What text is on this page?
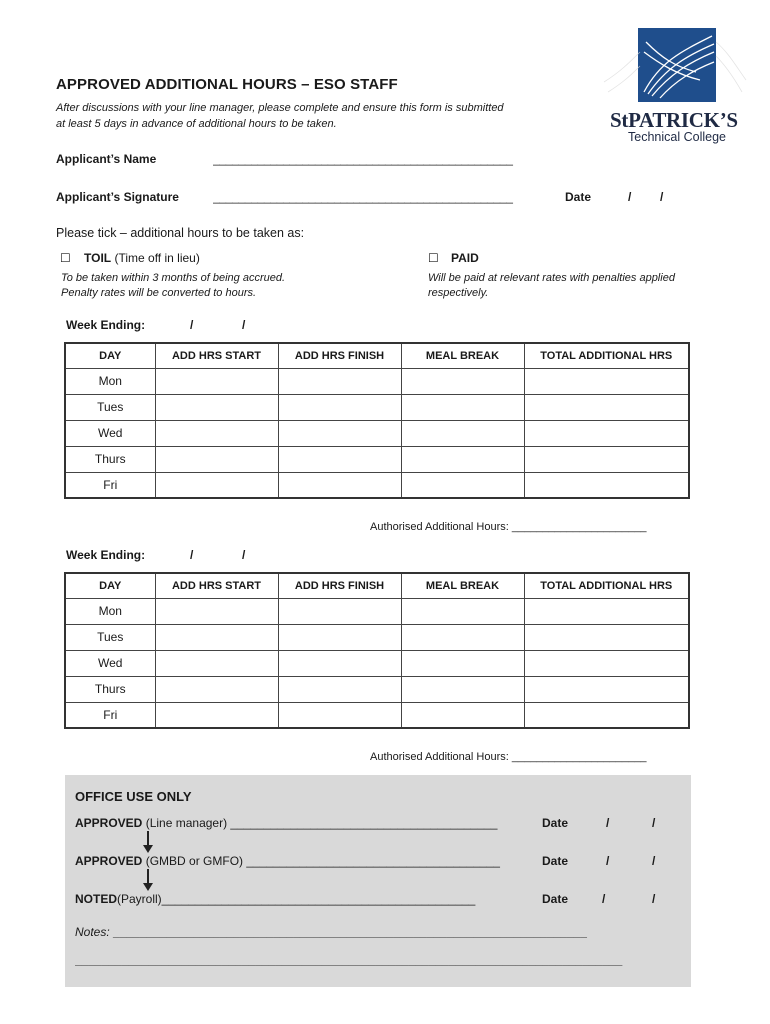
APPROVED ADDITIONAL HOURS – ESO STAFF
After discussions with your line manager, please complete and ensure this form is submitted
at least 5 days in advance of additional hours to be taken.	StPATRICK’S
Technical College
Applicant’s Name	_______________________________________________
Applicant’s Signature	_______________________________________________	Date	/ /
Please tick – additional hours to be taken as:
☐ TOIL (Time off in lieu)
To be taken within 3 months of being accrued.
Penalty rates will be converted to hours.
☐ PAID
Will be paid at relevant rates with penalties applied
respectively.
Week Ending:	/	/
DAY	ADD HRS START	ADD HRS FINISH	MEAL BREAK	TOTAL ADDITIONAL HRS
Mon				
Tues				
Wed				
Thurs				
Fri				
Authorised Additional Hours: ______________________
Week Ending:	/	/
DAY	ADD HRS START	ADD HRS FINISH	MEAL BREAK	TOTAL ADDITIONAL HRS
Mon				
Tues				
Wed				
Thurs				
Fri				
Authorised Additional Hours: ______________________
OFFICE USE ONLY
APPROVED (Line manager) ________________________________________	Date	/	/
APPROVED (GMBD or GMFO) ______________________________________	Date	/	/
NOTED(Payroll)_______________________________________________	Date	/	/
Notes: _______________________________________________________________________
__________________________________________________________________________________
